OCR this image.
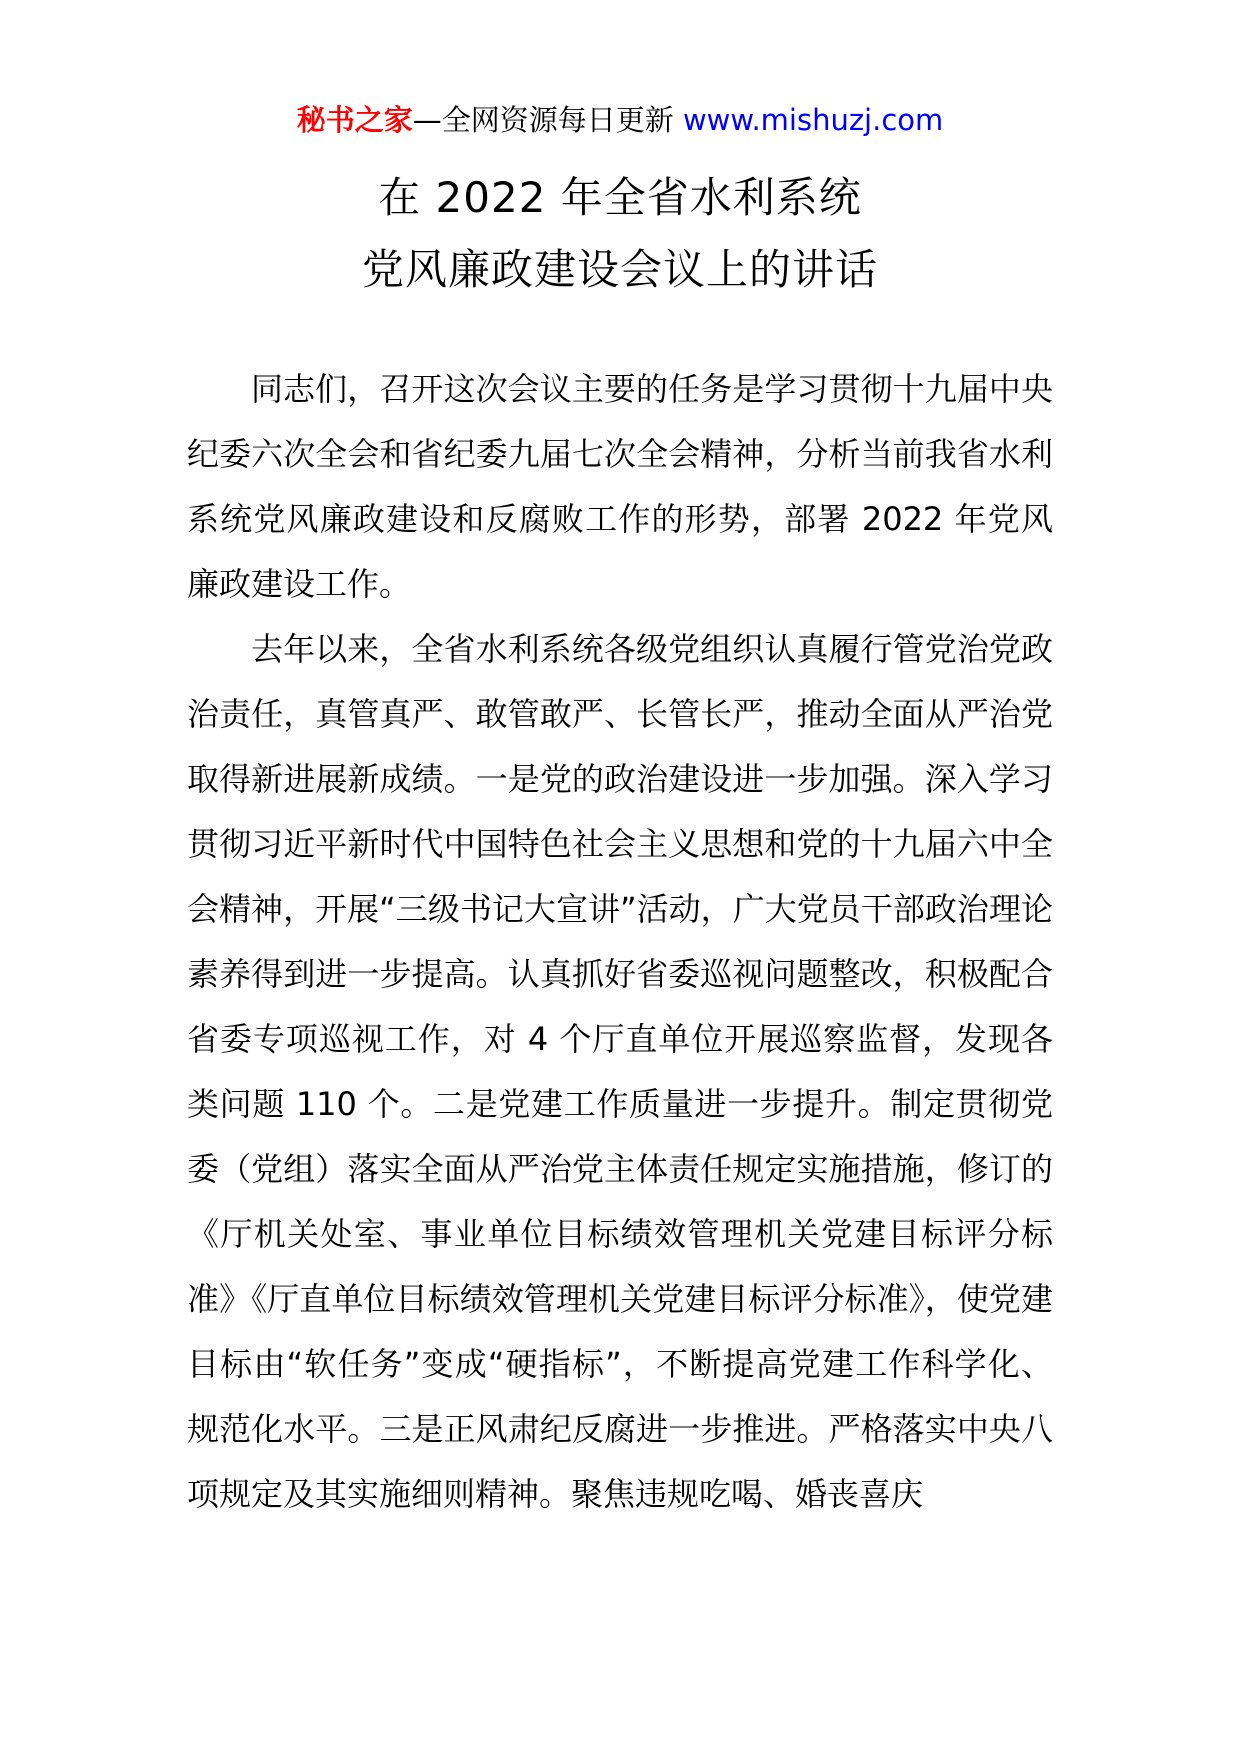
秘书之家—全网资源每日更新 www.mishuzj.com
在 2022 年全省水利系统
党风廉政建设会议上的讲话

同志们，召开这次会议主要的任务是学习贯彻十九届中央纪委六次全会和省纪委九届七次全会精神，分析当前我省水利系统党风廉政建设和反腐败工作的形势，部署 2022 年党风廉政建设工作。

去年以来，全省水利系统各级党组织认真履行管党治党政治责任，真管真严、敢管敢严、长管长严，推动全面从严治党取得新进展新成绩。一是党的政治建设进一步加强。深入学习贯彻习近平新时代中国特色社会主义思想和党的十九届六中全会精神，开展“三级书记大宣讲”活动，广大党员干部政治理论素养得到进一步提高。认真抓好省委巡视问题整改，积极配合省委专项巡视工作，对 4 个厅直单位开展巡察监督，发现各类问题 110 个。二是党建工作质量进一步提升。制定贯彻党委（党组）落实全面从严治党主体责任规定实施措施，修订的《厅机关处室、事业单位目标绩效管理机关党建目标评分标准》《厅直单位目标绩效管理机关党建目标评分标准》，使党建目标由“软任务”变成“硬指标”，不断提高党建工作科学化、规范化水平。三是正风肃纪反腐进一步推进。严格落实中央八项规定及其实施细则精神。聚焦违规吃喝、婚丧喜庆
